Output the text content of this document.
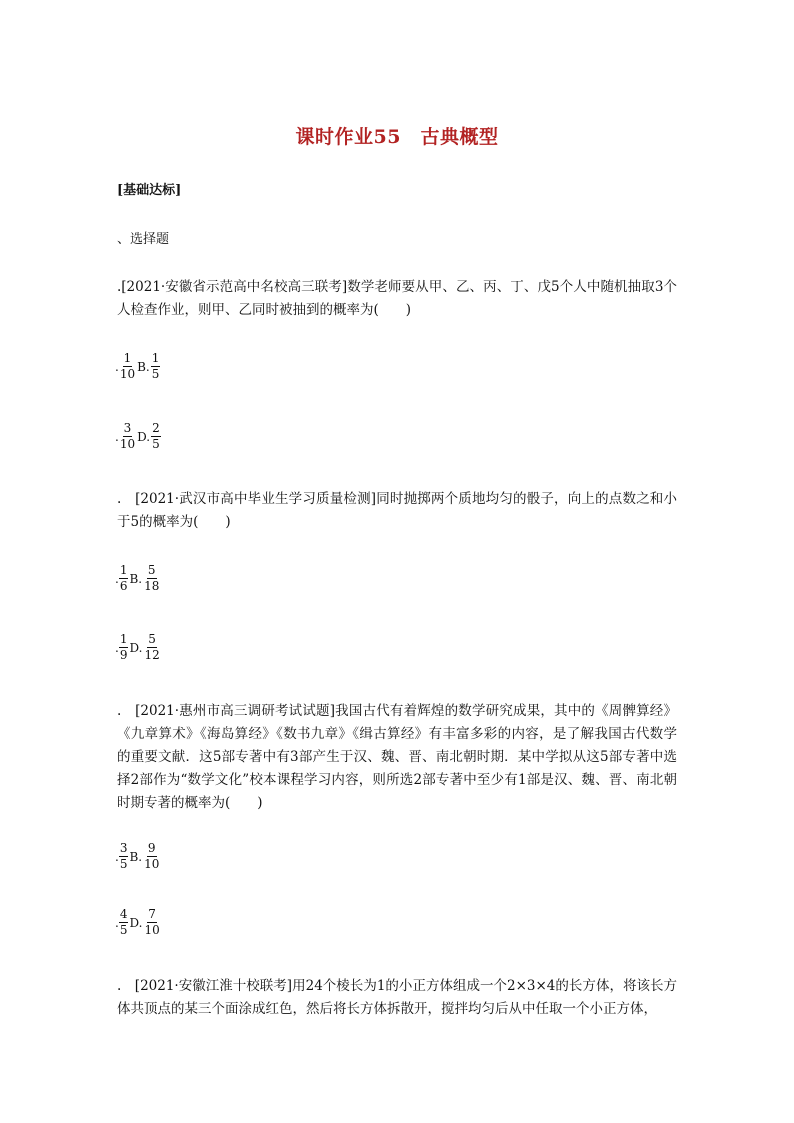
课时作业55　古典概型
[基础达标]
、选择题
.[2021·安徽省示范高中名校高三联考]数学老师要从甲、乙、丙、丁、戊5个人中随机抽取3个人检查作业，则甲、乙同时被抽到的概率为(　　)
. $\frac{1}{10} B$. $\frac{1}{5}$
. $\frac{3}{10} D$. $\frac{2}{5}$
.　[2021·武汉市高中毕业生学习质量检测]同时抛掷两个质地均匀的骰子，向上的点数之和小于5的概率为(　　)
. $\frac{1}{6} B$. $\frac{5}{18}$
. $\frac{1}{9} D$. $\frac{5}{12}$
.　[2021·惠州市高三调研考试试题]我国古代有着辉煌的数学研究成果，其中的《周髀算经》《九章算术》《海岛算经》《数书九章》《缉古算经》有丰富多彩的内容，是了解我国古代数学的重要文献．这5部专著中有3部产生于汉、魏、晋、南北朝时期．某中学拟从这5部专著中选择2部作为“数学文化”校本课程学习内容，则所选2部专著中至少有1部是汉、魏、晋、南北朝时期专著的概率为(　　)
. $\frac{3}{5} B$. $\frac{9}{10}$
. $\frac{4}{5} D$. $\frac{7}{10}$
.　[2021·安徽江淮十校联考]用24个棱长为1的小正方体组成一个2×3×4的长方体，将该长方体共顶点的某三个面涂成红色，然后将长方体拆散开，搅拌均匀后从中任取一个小正方体，
